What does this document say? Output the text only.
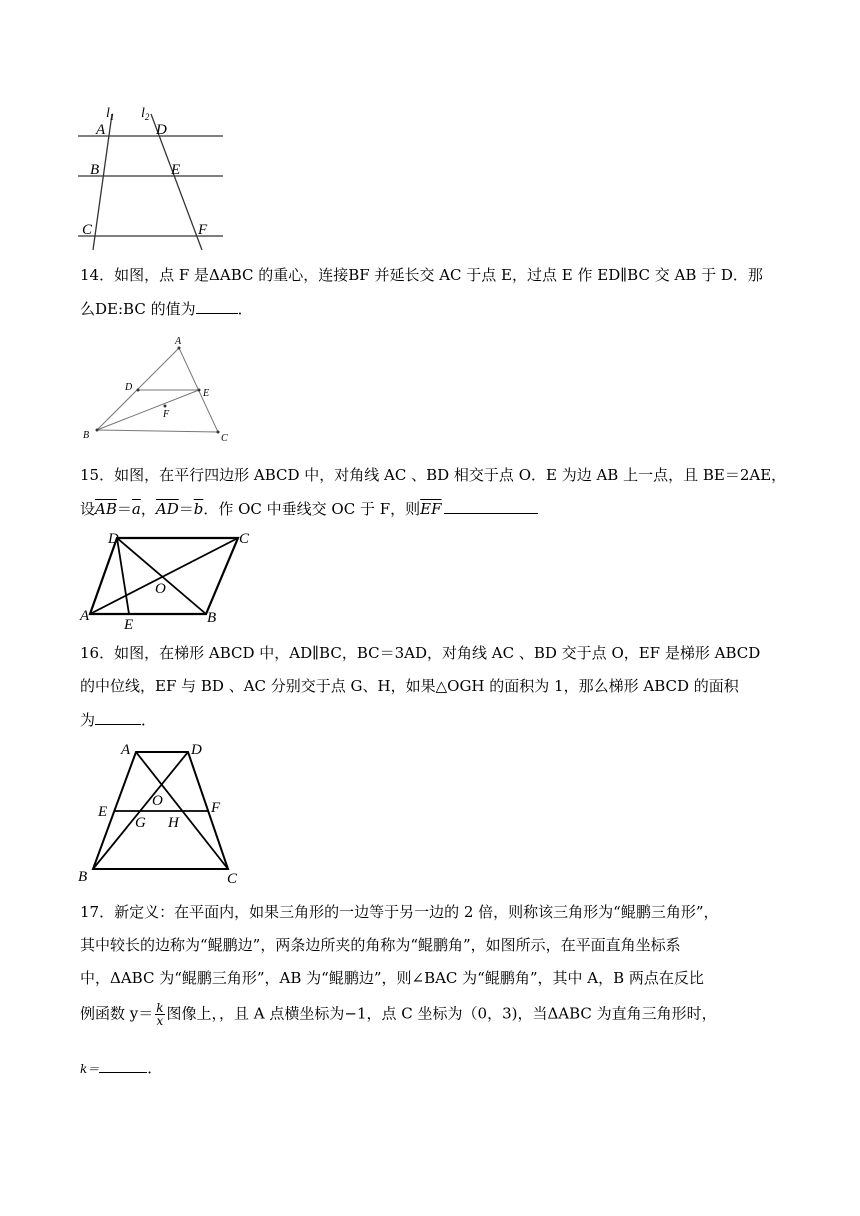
$l_1$ $l_2$
A	D
B	E
C	F
14．如图，点 F 是ΔABC 的重心，连接BF 并延长交 AC 于点 E，过点 E 作 ED∥BC 交 AB 于 D．那
么DE:BC 的值为	．
A
D
E
F
B	C
15．如图，在平行四边形 ABCD 中，对角线 AC 、BD 相交于点 O．E 为边 AB 上一点，且 BE＝2AE，
设$\overline{AB}=\overline{a}$，$\overline{AD}=\overline{b}$．作 OC 中垂线交 OC 于 F，则$\overline{EF}$
D	C
O
A	B
E
16．如图，在梯形 ABCD 中，AD∥BC，BC＝3AD，对角线 AC 、BD 交于点 O，EF 是梯形 ABCD
的中位线，EF 与 BD 、AC 分别交于点 G、H，如果△OGH 的面积为 1，那么梯形 ABCD 的面积
为	．
A	D
O
E	F
G H
B	C
17．新定义：在平面内，如果三角形的一边等于另一边的 2 倍，则称该三角形为“鲲鹏三角形”，
其中较长的边称为“鲲鹏边”，两条边所夹的角称为“鲲鹏角”，如图所示，在平面直角坐标系
中，ΔABC 为“鲲鹏三角形”，AB 为“鲲鹏边”，则∠BAC 为“鲲鹏角”，其中 A，B 两点在反比
例函数 $y= \frac{k}{x}$ 图像上，，且 A 点横坐标为−1，点 C 坐标为（0，3)，当ΔABC 为直角三角形时，
k＝	．
